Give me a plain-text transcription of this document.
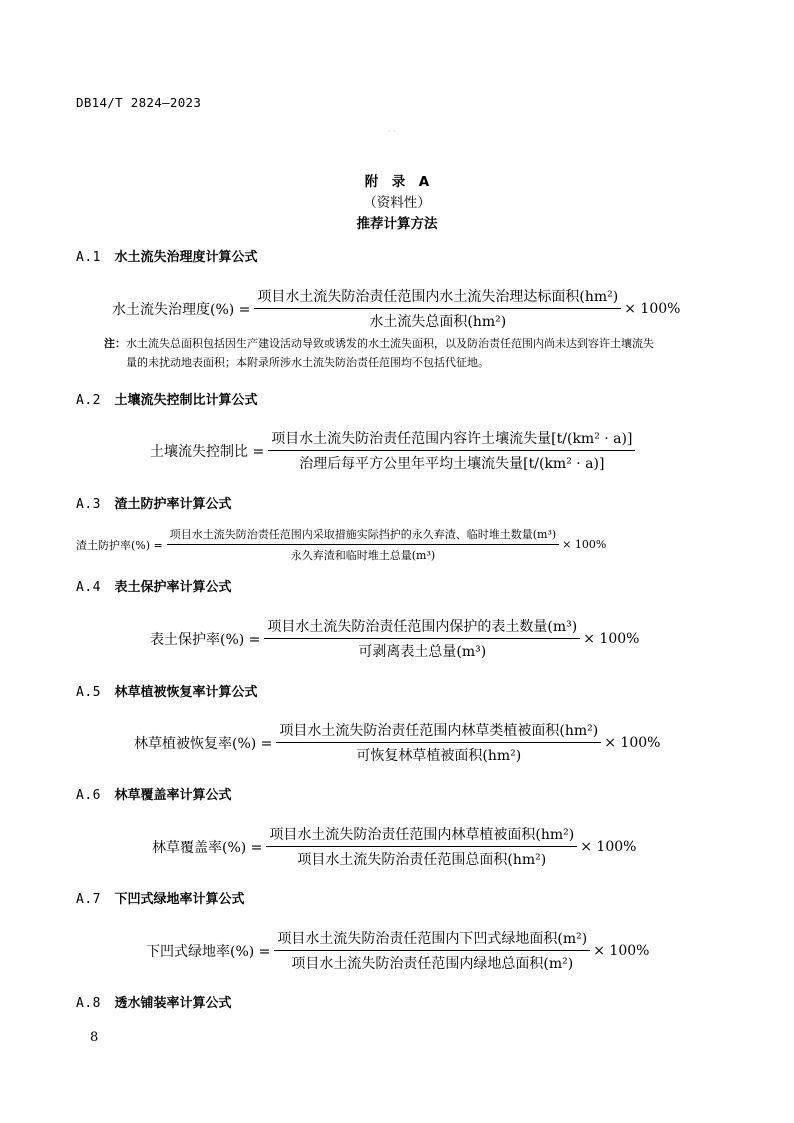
DB14/T 2824—2023
· ·
附　录　A
（资料性）
推荐计算方法
A.1 水土流失治理度计算公式
水土流失治理度(%) = $\frac{\text{项目水土流失防治责任范围内水土流失治理达标面积(hm²)}}{\text{水土流失总面积(hm²)}} \times 100\%$
注：水土流失总面积包括因生产建设活动导致或诱发的水土流失面积，以及防治责任范围内尚未达到容许土壤流失
量的未扰动地表面积；本附录所涉水土流失防治责任范围均不包括代征地。
A.2 土壤流失控制比计算公式
土壤流失控制比 = $\frac{\text{项目水土流失防治责任范围内容许土壤流失量[t/(km² · a)]}}{\text{治理后每平方公里年平均土壤流失量[t/(km² · a)]}}$
A.3 渣土防护率计算公式
渣土防护率(%) = $\frac{\text{项目水土流失防治责任范围内采取措施实际挡护的永久弃渣、临时堆土数量(m³)}}{\text{永久弃渣和临时堆土总量(m³)}} \times 100\%$
A.4 表土保护率计算公式
表土保护率(%) = $\frac{\text{项目水土流失防治责任范围内保护的表土数量(m³)}}{\text{可剥离表土总量(m³)}} \times 100\%$
A.5 林草植被恢复率计算公式
林草植被恢复率(%) = $\frac{\text{项目水土流失防治责任范围内林草类植被面积(hm²)}}{\text{可恢复林草植被面积(hm²)}} \times 100\%$
A.6 林草覆盖率计算公式
林草覆盖率(%) = $\frac{\text{项目水土流失防治责任范围内林草植被面积(hm²)}}{\text{项目水土流失防治责任范围总面积(hm²)}} \times 100\%$
A.7 下凹式绿地率计算公式
下凹式绿地率(%) = $\frac{\text{项目水土流失防治责任范围内下凹式绿地面积(m²)}}{\text{项目水土流失防治责任范围内绿地总面积(m²)}} \times 100\%$
A.8 透水铺装率计算公式
8
